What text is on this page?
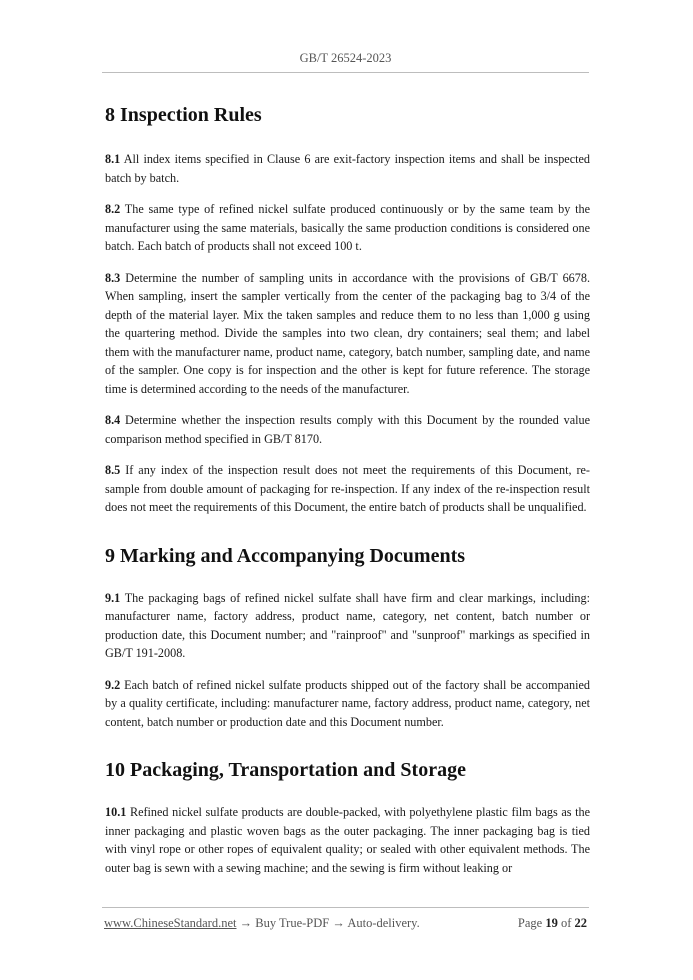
GB/T 26524-2023
8 Inspection Rules

8.1 All index items specified in Clause 6 are exit-factory inspection items and shall be inspected batch by batch.

8.2 The same type of refined nickel sulfate produced continuously or by the same team by the manufacturer using the same materials, basically the same production conditions is considered one batch. Each batch of products shall not exceed 100 t.

8.3 Determine the number of sampling units in accordance with the provisions of GB/T 6678. When sampling, insert the sampler vertically from the center of the packaging bag to 3/4 of the depth of the material layer. Mix the taken samples and reduce them to no less than 1,000 g using the quartering method. Divide the samples into two clean, dry containers; seal them; and label them with the manufacturer name, product name, category, batch number, sampling date, and name of the sampler. One copy is for inspection and the other is kept for future reference. The storage time is determined according to the needs of the manufacturer.

8.4 Determine whether the inspection results comply with this Document by the rounded value comparison method specified in GB/T 8170.

8.5 If any index of the inspection result does not meet the requirements of this Document, re-sample from double amount of packaging for re-inspection. If any index of the re-inspection result does not meet the requirements of this Document, the entire batch of products shall be unqualified.

9 Marking and Accompanying Documents

9.1 The packaging bags of refined nickel sulfate shall have firm and clear markings, including: manufacturer name, factory address, product name, category, net content, batch number or production date, this Document number; and "rainproof" and "sunproof" markings as specified in GB/T 191-2008.

9.2 Each batch of refined nickel sulfate products shipped out of the factory shall be accompanied by a quality certificate, including: manufacturer name, factory address, product name, category, net content, batch number or production date and this Document number.

10 Packaging, Transportation and Storage

10.1 Refined nickel sulfate products are double-packed, with polyethylene plastic film bags as the inner packaging and plastic woven bags as the outer packaging. The inner packaging bag is tied with vinyl rope or other ropes of equivalent quality; or sealed with other equivalent methods. The outer bag is sewn with a sewing machine; and the sewing is firm without leaking or

www.ChineseStandard.net → Buy True-PDF → Auto-delivery.	Page 19 of 22
